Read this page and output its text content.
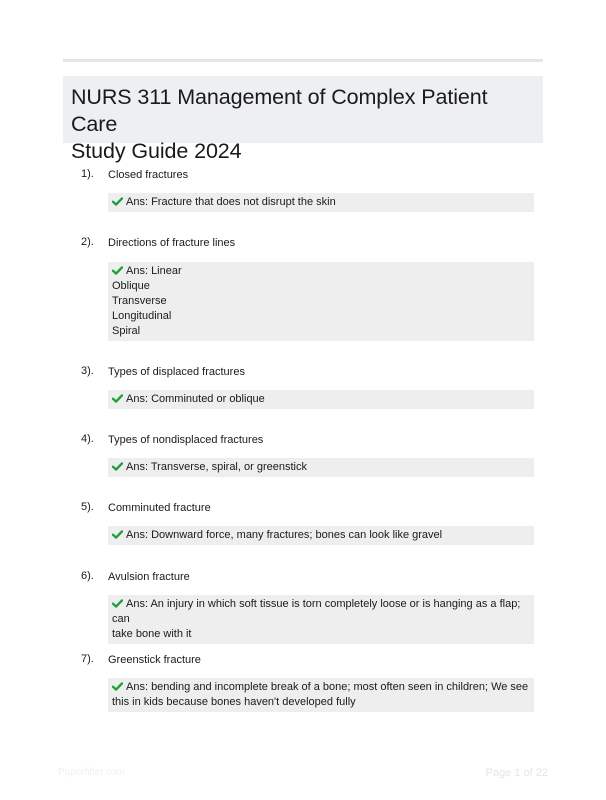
NURS 311 Management of Complex Patient Care
Study Guide 2024
1). Closed fractures
Ans: Fracture that does not disrupt the skin
2). Directions of fracture lines
Ans: Linear
Oblique
Transverse
Longitudinal
Spiral
3). Types of displaced fractures
Ans: Comminuted or oblique
4). Types of nondisplaced fractures
Ans: Transverse, spiral, or greenstick
5). Comminuted fracture
Ans: Downward force, many fractures; bones can look like gravel
6). Avulsion fracture
Ans: An injury in which soft tissue is torn completely loose or is hanging as a flap; can
take bone with it
7). Greenstick fracture
Ans: bending and incomplete break of a bone; most often seen in children; We see
this in kids because bones haven't developed fully
Paperfilter.com	Page 1 of 22
